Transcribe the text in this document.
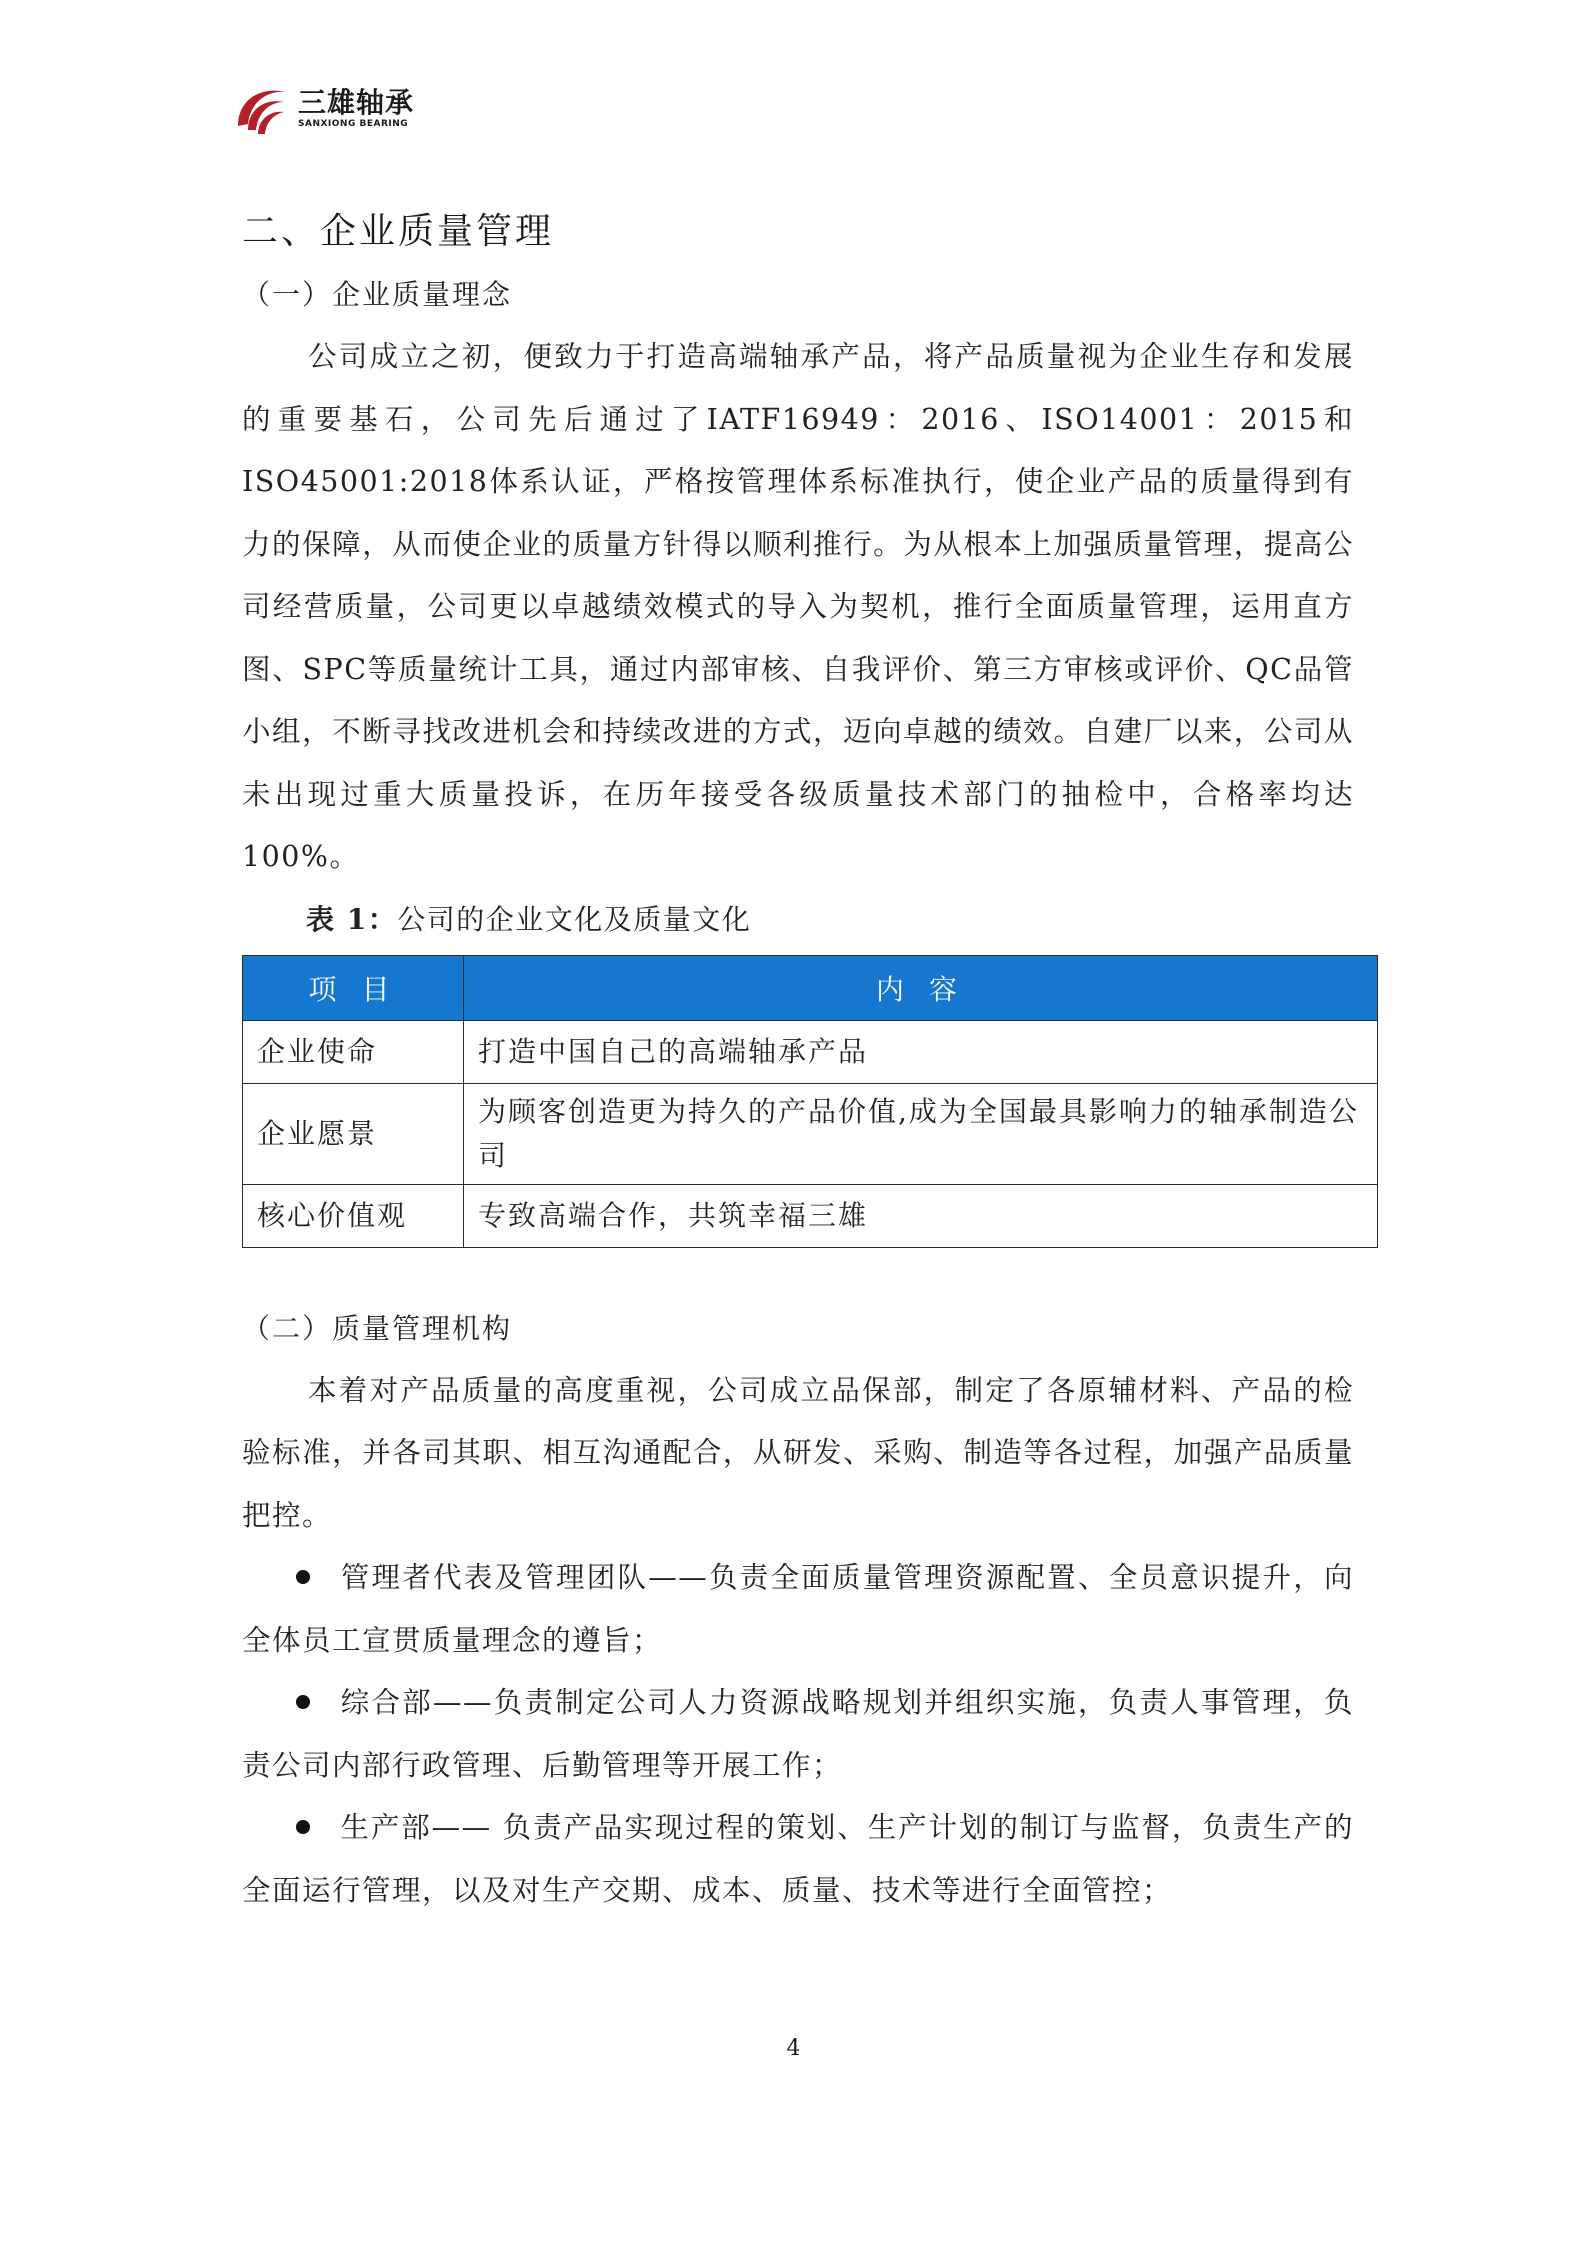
三雄轴承
SANXIONG BEARING
二、企业质量管理
（一）企业质量理念

公司成立之初，便致力于打造高端轴承产品，将产品质量视为企业生存和发展的重要基石，公司先后通过了IATF16949：2016、ISO14001：2015和ISO45001:2018体系认证，严格按管理体系标准执行，使企业产品的质量得到有力的保障，从而使企业的质量方针得以顺利推行。为从根本上加强质量管理，提高公司经营质量，公司更以卓越绩效模式的导入为契机，推行全面质量管理，运用直方图、SPC等质量统计工具，通过内部审核、自我评价、第三方审核或评价、QC品管小组，不断寻找改进机会和持续改进的方式，迈向卓越的绩效。自建厂以来，公司从未出现过重大质量投诉，在历年接受各级质量技术部门的抽检中，合格率均达100%。

表 1：公司的企业文化及质量文化

项 目	内 容
企业使命	打造中国自己的高端轴承产品
企业愿景	为顾客创造更为持久的产品价值,成为全国最具影响力的轴承制造公司
核心价值观	专致高端合作，共筑幸福三雄
（二）质量管理机构

本着对产品质量的高度重视，公司成立品保部，制定了各原辅材料、产品的检验标准，并各司其职、相互沟通配合，从研发、采购、制造等各过程，加强产品质量把控。

管理者代表及管理团队——负责全面质量管理资源配置、全员意识提升，向全体员工宣贯质量理念的遵旨；

综合部——负责制定公司人力资源战略规划并组织实施，负责人事管理，负责公司内部行政管理、后勤管理等开展工作；

生产部—— 负责产品实现过程的策划、生产计划的制订与监督，负责生产的全面运行管理，以及对生产交期、成本、质量、技术等进行全面管控；

4
